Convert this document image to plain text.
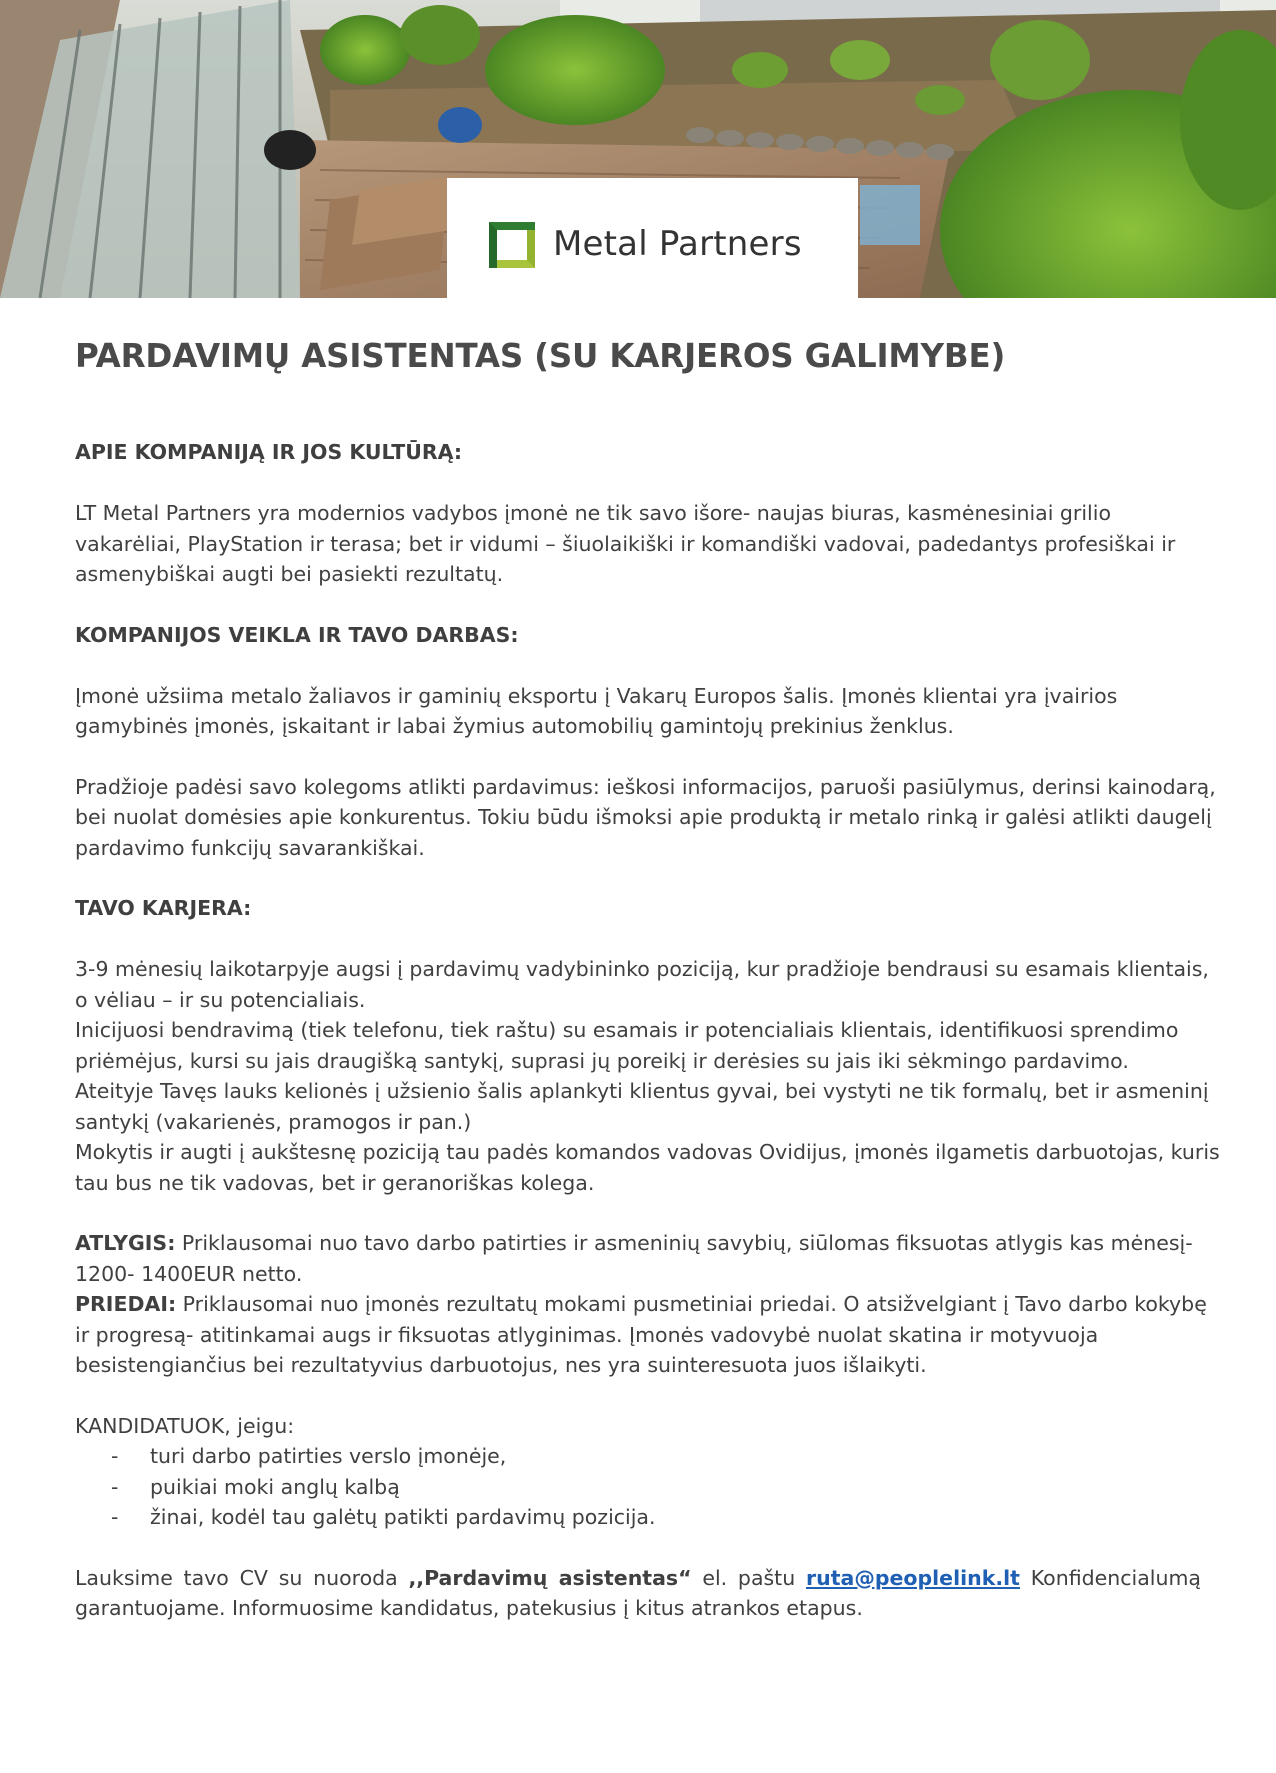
Metal Partners
PARDAVIMŲ ASISTENTAS (SU KARJEROS GALIMYBE)
APIE KOMPANIJĄ IR JOS KULTŪRĄ:
LT Metal Partners yra modernios vadybos įmonė ne tik savo išore- naujas biuras, kasmėnesiniai grilio
vakarėliai, PlayStation ir terasa; bet ir vidumi – šiuolaikiški ir komandiški vadovai, padedantys profesiškai ir
asmenybiškai augti bei pasiekti rezultatų.
KOMPANIJOS VEIKLA IR TAVO DARBAS:
Įmonė užsiima metalo žaliavos ir gaminių eksportu į Vakarų Europos šalis. Įmonės klientai yra įvairios
gamybinės įmonės, įskaitant ir labai žymius automobilių gamintojų prekinius ženklus.
Pradžioje padėsi savo kolegoms atlikti pardavimus: ieškosi informacijos, paruoši pasiūlymus, derinsi kainodarą,
bei nuolat domėsies apie konkurentus. Tokiu būdu išmoksi apie produktą ir metalo rinką ir galėsi atlikti daugelį
pardavimo funkcijų savarankiškai.
TAVO KARJERA:
3-9 mėnesių laikotarpyje augsi į pardavimų vadybininko poziciją, kur pradžioje bendrausi su esamais klientais,
o vėliau – ir su potencialiais.
Inicijuosi bendravimą (tiek telefonu, tiek raštu) su esamais ir potencialiais klientais, identifikuosi sprendimo
priėmėjus, kursi su jais draugišką santykį, suprasi jų poreikį ir derėsies su jais iki sėkmingo pardavimo.
Ateityje Tavęs lauks kelionės į užsienio šalis aplankyti klientus gyvai, bei vystyti ne tik formalų, bet ir asmeninį
santykį (vakarienės, pramogos ir pan.)
Mokytis ir augti į aukštesnę poziciją tau padės komandos vadovas Ovidijus, įmonės ilgametis darbuotojas, kuris
tau bus ne tik vadovas, bet ir geranoriškas kolega.
ATLYGIS: Priklausomai nuo tavo darbo patirties ir asmeninių savybių, siūlomas fiksuotas atlygis kas mėnesį-
1200- 1400EUR netto.
PRIEDAI: Priklausomai nuo įmonės rezultatų mokami pusmetiniai priedai. O atsižvelgiant į Tavo darbo kokybę
ir progresą- atitinkamai augs ir fiksuotas atlyginimas. Įmonės vadovybė nuolat skatina ir motyvuoja
besistengiančius bei rezultatyvius darbuotojus, nes yra suinteresuota juos išlaikyti.
KANDIDATUOK, jeigu:
- turi darbo patirties verslo įmonėje,
- puikiai moki anglų kalbą
- žinai, kodėl tau galėtų patikti pardavimų pozicija.
Lauksime tavo CV su nuoroda ,,Pardavimų asistentas“ el. paštu ruta@peoplelink.lt Konfidencialumą
garantuojame. Informuosime kandidatus, patekusius į kitus atrankos etapus.
